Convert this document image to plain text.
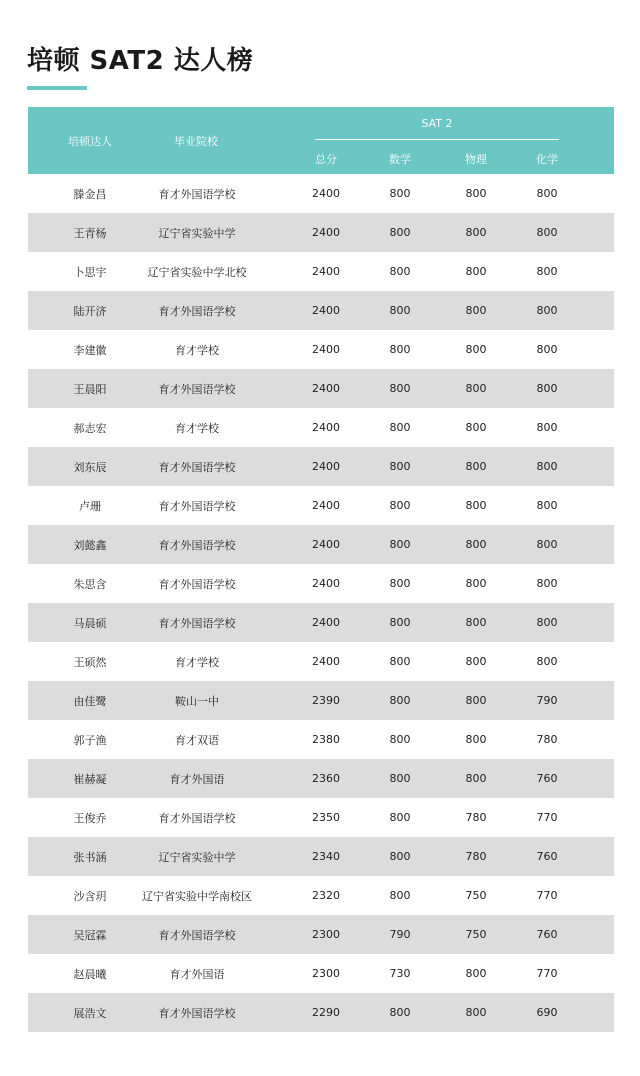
培顿 SAT2 达人榜
培顿达人	毕业院校
SAT 2
总分	数学	物理	化学
滕金昌	育才外国语学校	2400	800	800	800
王青杨	辽宁省实验中学	2400	800	800	800
卜思宇	辽宁省实验中学北校	2400	800	800	800
陆开济	育才外国语学校	2400	800	800	800
李建徽	育才学校	2400	800	800	800
王晨阳	育才外国语学校	2400	800	800	800
郝志宏	育才学校	2400	800	800	800
刘东辰	育才外国语学校	2400	800	800	800
卢珊	育才外国语学校	2400	800	800	800
刘懿鑫	育才外国语学校	2400	800	800	800
朱思含	育才外国语学校	2400	800	800	800
马晨硕	育才外国语学校	2400	800	800	800
王硕然	育才学校	2400	800	800	800
由佳鹭	鞍山一中	2390	800	800	790
郭子渔	育才双语	2380	800	800	780
崔赫凝	育才外国语	2360	800	800	760
王俊乔	育才外国语学校	2350	800	780	770
张书涵	辽宁省实验中学	2340	800	780	760
沙含玥	辽宁省实验中学南校区	2320	800	750	770
吴冠霖	育才外国语学校	2300	790	750	760
赵晨曦	育才外国语	2300	730	800	770
展浩文	育才外国语学校	2290	800	800	690
